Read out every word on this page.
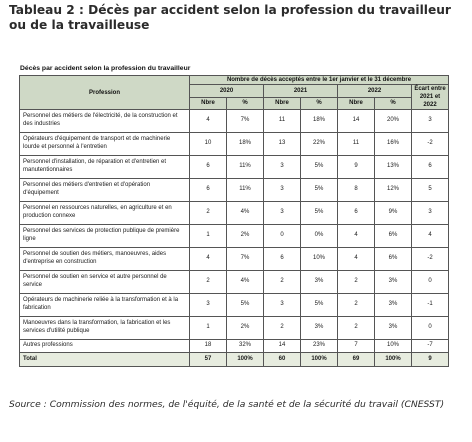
Tableau 2 : Décès par accident selon la profession du travailleur ou de la travailleuse
Décès par accident selon la profession du travailleur
Profession	Nombre de décès acceptés entre le 1er janvier et le 31 décembre						
	2020		2021		2022		Écart entre 2021 et 2022
	Nbre	%	Nbre	%	Nbre	%	
Personnel des métiers de l'électricité, de la construction et des industries	4	7%	11	18%	14	20%	3
Opérateurs d'équipement de transport et de machinerie lourde et personnel à l'entretien	10	18%	13	22%	11	16%	-2
Personnel d'installation, de réparation et d'entretien et manutentionnaires	6	11%	3	5%	9	13%	6
Personnel des métiers d'entretien et d'opération d'équipement	6	11%	3	5%	8	12%	5
Personnel en ressources naturelles, en agriculture et en production connexe	2	4%	3	5%	6	9%	3
Personnel des services de protection publique de première ligne	1	2%	0	0%	4	6%	4
Personnel de soutien des métiers, manoeuvres, aides d'entreprise en construction	4	7%	6	10%	4	6%	-2
Personnel de soutien en service et autre personnel de service	2	4%	2	3%	2	3%	0
Opérateurs de machinerie reliée à la transformation et à la fabrication	3	5%	3	5%	2	3%	-1
Manoeuvres dans la transformation, la fabrication et les services d'utilité publique	1	2%	2	3%	2	3%	0
Autres professions	18	32%	14	23%	7	10%	-7
Total	57	100%	60	100%	69	100%	9

Source : Commission des normes, de l'équité, de la santé et de la sécurité du travail (CNESST)
